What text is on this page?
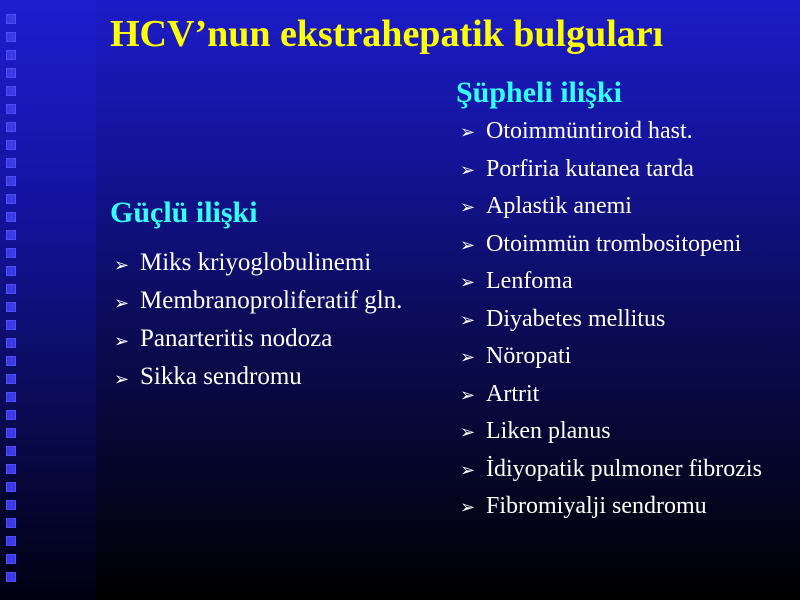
HCV’nun ekstrahepatik bulguları
Güçlü ilişki
➢ Miks kriyoglobulinemi
➢ Membranoproliferatif gln.
➢ Panarteritis nodoza
➢ Sikka sendromu
Şüpheli ilişki
➢ Otoimmüntiroid hast.
➢ Porfiria kutanea tarda
➢ Aplastik anemi
➢ Otoimmün trombositopeni
➢ Lenfoma
➢ Diyabetes mellitus
➢ Nöropati
➢ Artrit
➢ Liken planus
➢ İdiyopatik pulmoner fibrozis
➢ Fibromiyalji sendromu
